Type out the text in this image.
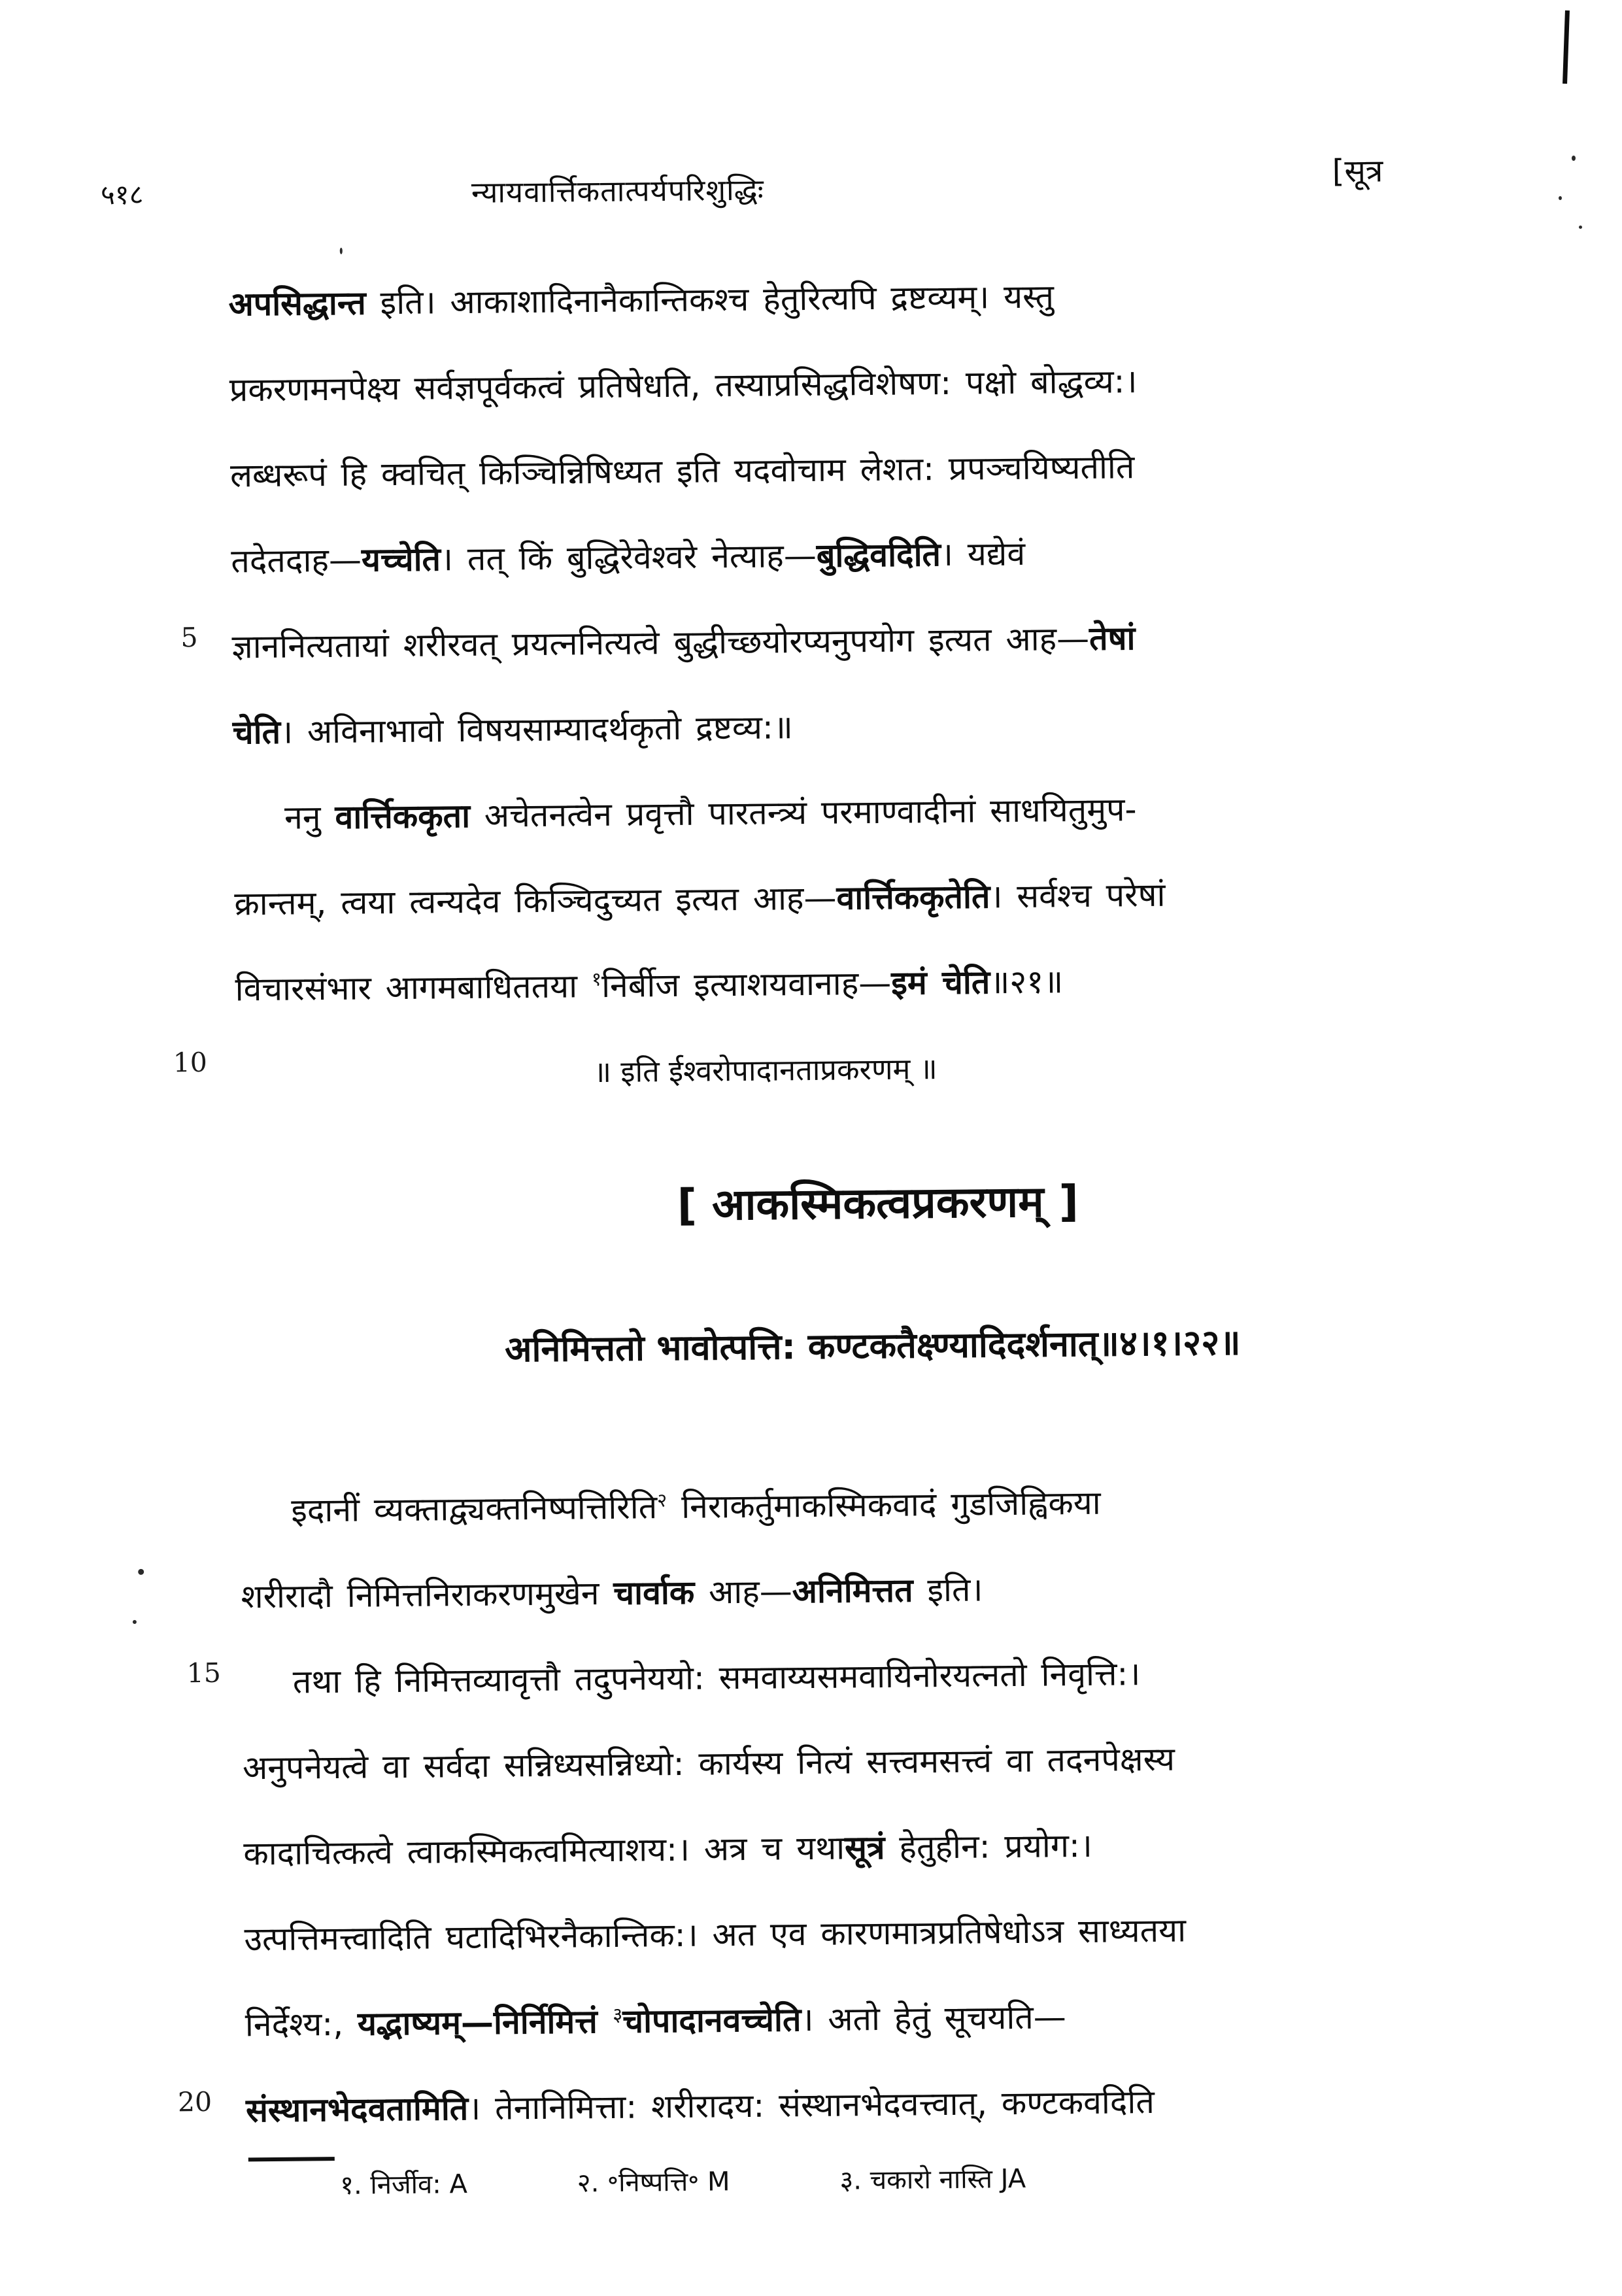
५१८	न्यायवार्त्तिकतात्पर्यपरिशुद्धिः
[सूत्र
5
10
15
20
अपसिद्धान्त इति। आकाशादिनानैकान्तिकश्च हेतुरित्यपि द्रष्टव्यम्। यस्तु
प्रकरणमनपेक्ष्य सर्वज्ञपूर्वकत्वं प्रतिषेधति, तस्याप्रसिद्धविशेषण: पक्षो बोद्धव्य:।
लब्धरूपं हि क्वचित् किञ्चिन्निषिध्यत इति यदवोचाम लेशत: प्रपञ्चयिष्यतीति
तदेतदाह—यच्चेति। तत् किं बुद्धिरेवेश्वरे नेत्याह—बुद्धिवदिति। यद्येवं
ज्ञाननित्यतायां शरीरवत् प्रयत्ननित्यत्वे बुद्धीच्छयोरप्यनुपयोग इत्यत आह—तेषां
चेति। अविनाभावो विषयसाम्यादर्थकृतो द्रष्टव्य:॥
ननु वार्त्तिककृता अचेतनत्वेन प्रवृत्तौ पारतन्त्र्यं परमाण्वादीनां साधयितुमुप-
क्रान्तम्, त्वया त्वन्यदेव किञ्चिदुच्यत इत्यत आह—वार्त्तिककृतेति। सर्वश्च परेषां
विचारसंभार आगमबाधिततया $^१$निर्बीज इत्याशयवानाह—इमं चेति॥२१॥
॥ इति ईश्वरोपादानताप्रकरणम् ॥
[ आकस्मिकत्वप्रकरणम् ]
अनिमित्ततो भावोत्पत्ति: कण्टकतैक्ष्ण्यादिदर्शनात्॥४।१।२२॥
इदानीं व्यक्ताद्व्यक्तनिष्पत्तिरिति$^२$ निराकर्तुमाकस्मिकवादं गुडजिह्विकया
शरीरादौ निमित्तनिराकरणमुखेन चार्वाक आह—अनिमित्तत इति।
तथा हि निमित्तव्यावृत्तौ तदुपनेययो: समवाय्यसमवायिनोरयत्नतो निवृत्ति:।
अनुपनेयत्वे वा सर्वदा सन्निध्यसन्निध्यो: कार्यस्य नित्यं सत्त्वमसत्त्वं वा तदनपेक्षस्य
कादाचित्कत्वे त्वाकस्मिकत्वमित्याशय:। अत्र च यथासूत्रं हेतुहीन: प्रयोग:।
उत्पत्तिमत्त्वादिति घटादिभिरनैकान्तिक:। अत एव कारणमात्रप्रतिषेधोऽत्र साध्यतया
निर्देश्य:, यद्भाष्यम्—निर्निमित्तं $^३$चोपादानवच्चेति। अतो हेतुं सूचयति—
संस्थानभेदवतामिति। तेनानिमित्ता: शरीरादय: संस्थानभेदवत्त्वात्, कण्टकवदिति
१. निर्जीव: A	२. ॰निष्पत्ति॰ M	३. चकारो नास्ति JA
